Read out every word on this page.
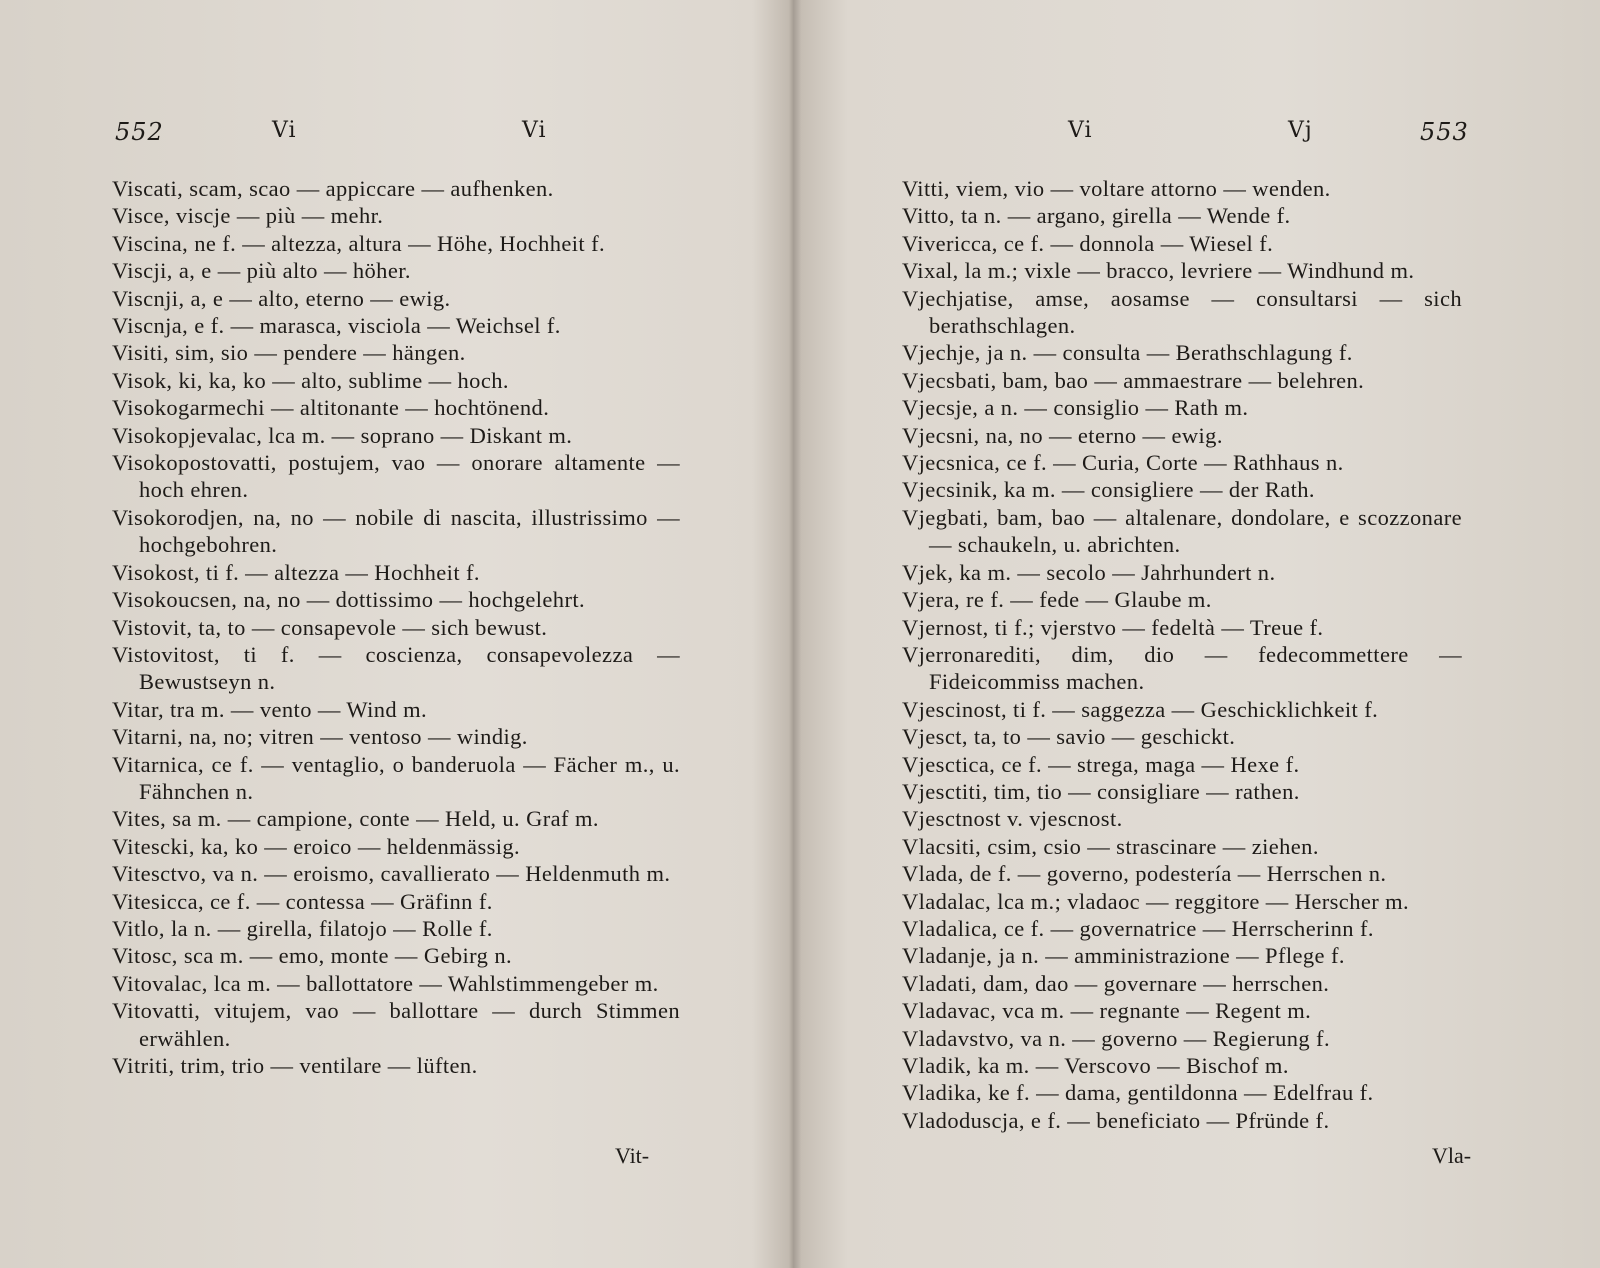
552	Vi	Vi
Viscati, scam, scao — appiccare — aufhenken.
Visce, viscje — più — mehr.
Viscina, ne f. — altezza, altura — Höhe, Hochheit f.
Viscji, a, e — più alto — höher.
Viscnji, a, e — alto, eterno — ewig.
Viscnja, e f. — marasca, visciola — Weichsel f.
Visiti, sim, sio — pendere — hängen.
Visok, ki, ka, ko — alto, sublime — hoch.
Visokogarmechi — altitonante — hochtönend.
Visokopjevalac, lca m. — soprano — Diskant m.
Visokopostovatti, postujem, vao — onorare altamente — hoch ehren.
Visokorodjen, na, no — nobile di nascita, illustrissimo — hochgebohren.
Visokost, ti f. — altezza — Hochheit f.
Visokoucsen, na, no — dottissimo — hochgelehrt.
Vistovit, ta, to — consapevole — sich bewust.
Vistovitost, ti f. — coscienza, consapevolezza — Bewustseyn n.
Vitar, tra m. — vento — Wind m.
Vitarni, na, no; vitren — ventoso — windig.
Vitarnica, ce f. — ventaglio, o banderuola — Fächer m., u. Fähnchen n.
Vites, sa m. — campione, conte — Held, u. Graf m.
Vitescki, ka, ko — eroico — heldenmässig.
Vitesctvo, va n. — eroismo, cavallierato — Heldenmuth m.
Vitesicca, ce f. — contessa — Gräfinn f.
Vitlo, la n. — girella, filatojo — Rolle f.
Vitosc, sca m. — emo, monte — Gebirg n.
Vitovalac, lca m. — ballottatore — Wahlstimmengeber m.
Vitovatti, vitujem, vao — ballottare — durch Stimmen erwählen.
Vitriti, trim, trio — ventilare — lüften.
Vit-
Vi	Vj	553
Vitti, viem, vio — voltare attorno — wenden.
Vitto, ta n. — argano, girella — Wende f.
Vivericca, ce f. — donnola — Wiesel f.
Vixal, la m.; vixle — bracco, levriere — Windhund m.
Vjechjatise, amse, aosamse — consultarsi — sich berathschlagen.
Vjechje, ja n. — consulta — Berathschlagung f.
Vjecsbati, bam, bao — ammaestrare — belehren.
Vjecsje, a n. — consiglio — Rath m.
Vjecsni, na, no — eterno — ewig.
Vjecsnica, ce f. — Curia, Corte — Rathhaus n.
Vjecsinik, ka m. — consigliere — der Rath.
Vjegbati, bam, bao — altalenare, dondolare, e scozzonare — schaukeln, u. abrichten.
Vjek, ka m. — secolo — Jahrhundert n.
Vjera, re f. — fede — Glaube m.
Vjernost, ti f.; vjerstvo — fedeltà — Treue f.
Vjerronarediti, dim, dio — fedecommettere — Fideicommiss machen.
Vjescinost, ti f. — saggezza — Geschicklichkeit f.
Vjesct, ta, to — savio — geschickt.
Vjesctica, ce f. — strega, maga — Hexe f.
Vjesctiti, tim, tio — consigliare — rathen.
Vjesctnost v. vjescnost.
Vlacsiti, csim, csio — strascinare — ziehen.
Vlada, de f. — governo, podestería — Herrschen n.
Vladalac, lca m.; vladaoc — reggitore — Herscher m.
Vladalica, ce f. — governatrice — Herrscherinn f.
Vladanje, ja n. — amministrazione — Pflege f.
Vladati, dam, dao — governare — herrschen.
Vladavac, vca m. — regnante — Regent m.
Vladavstvo, va n. — governo — Regierung f.
Vladik, ka m. — Verscovo — Bischof m.
Vladika, ke f. — dama, gentildonna — Edelfrau f.
Vladoduscja, e f. — beneficiato — Pfründe f.
Vla-
